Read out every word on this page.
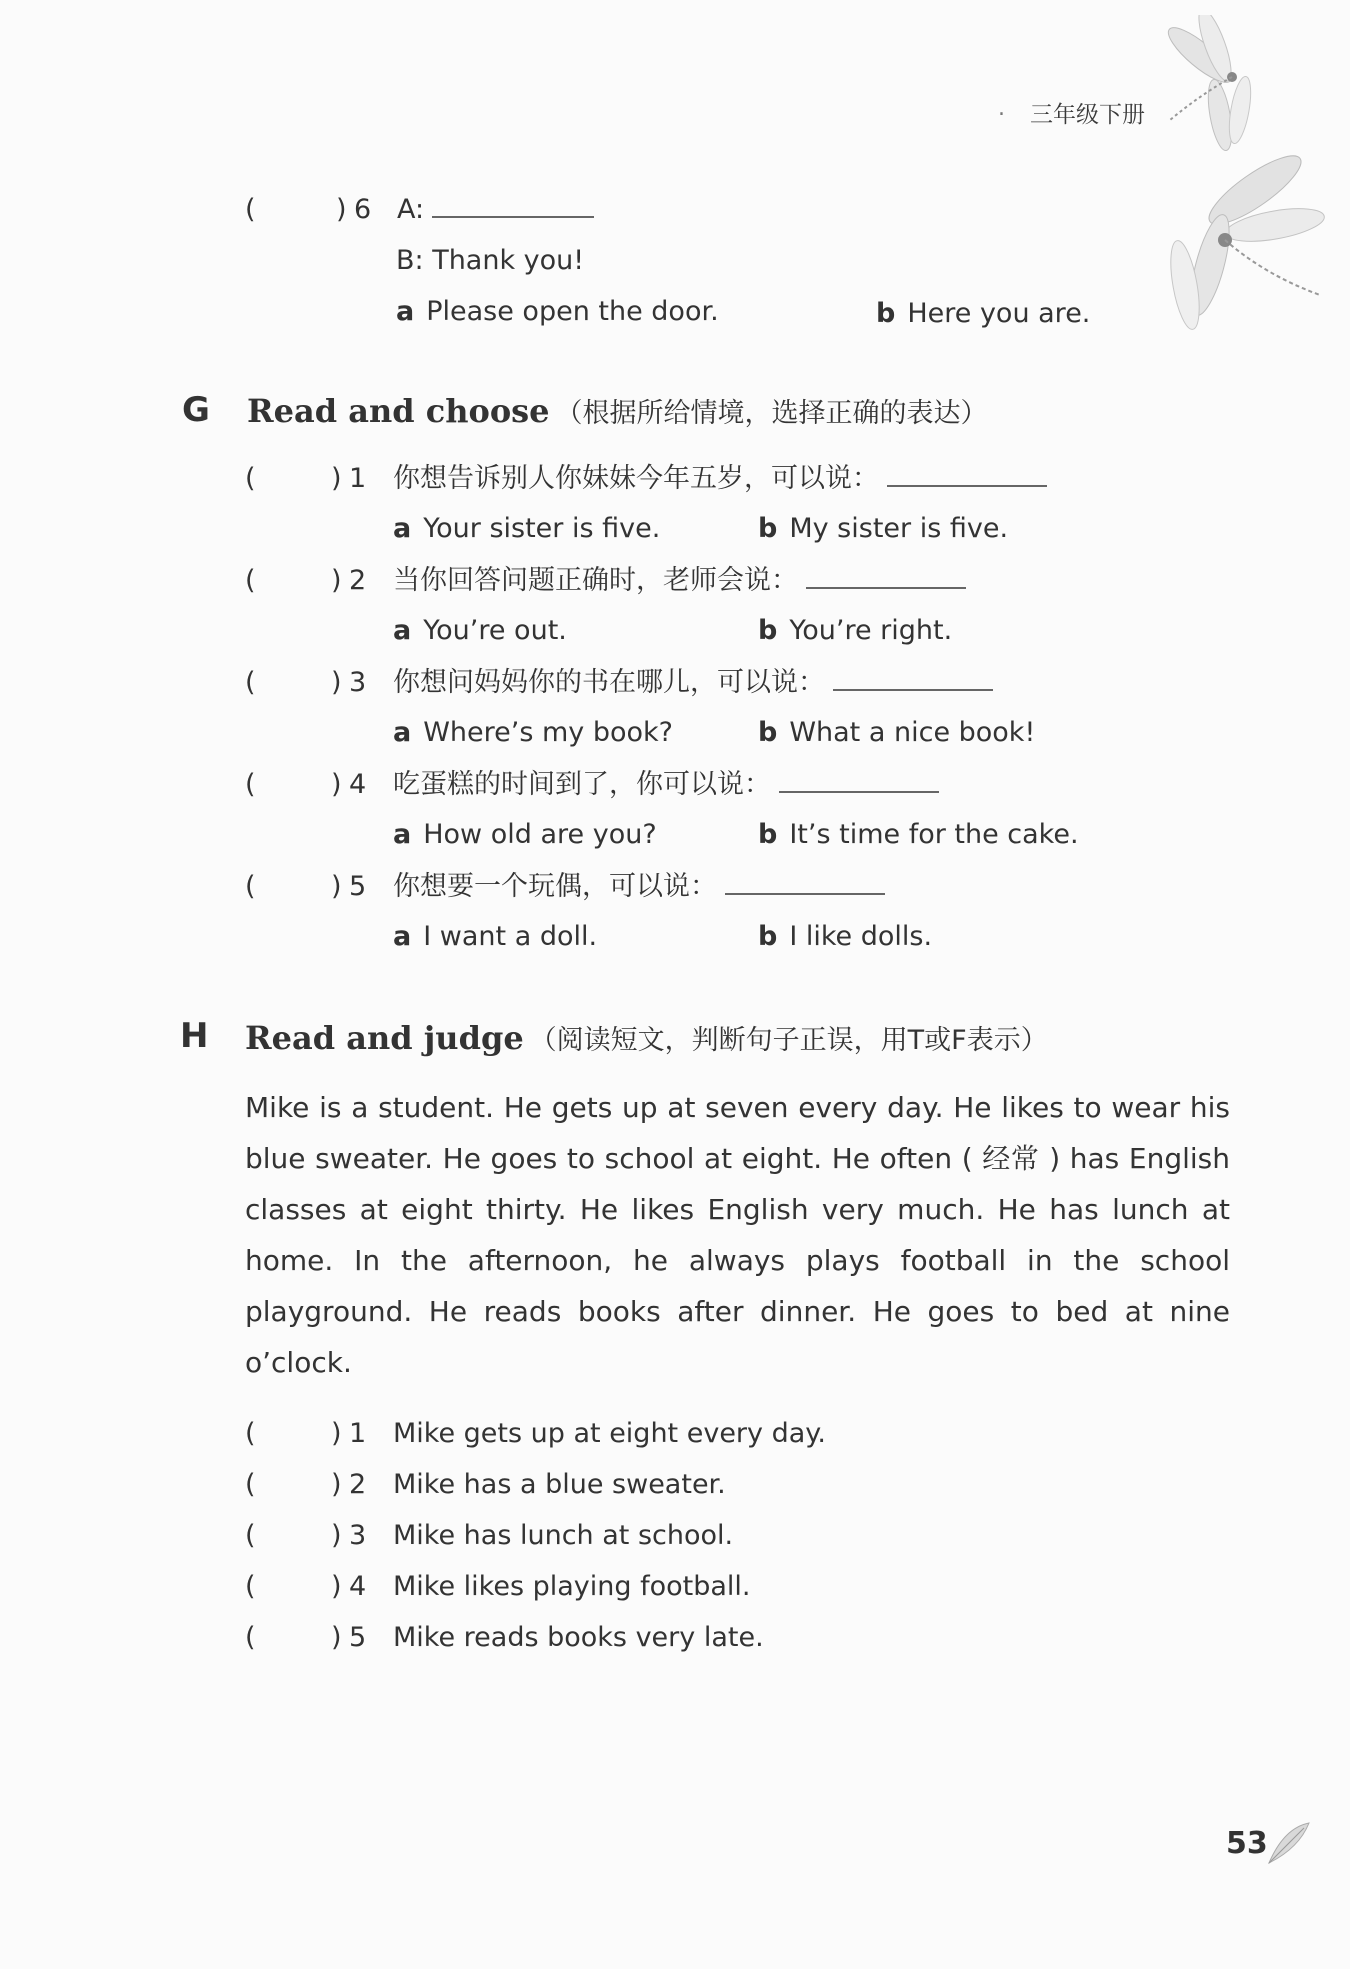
. 三年级下册
(	) 6 A:
B: Thank you!
a Please open the door.	b Here you are.
G Read and choose （根据所给情境，选择正确的表达）
(	) 1 你想告诉别人你妹妹今年五岁，可以说：
a Your sister is five.	b My sister is five.
(	) 2 当你回答问题正确时，老师会说：
a You’re out.	b You’re right.
(	) 3 你想问妈妈你的书在哪儿，可以说：
a Where’s my book?	b What a nice book!
(	) 4 吃蛋糕的时间到了，你可以说：
a How old are you?	b It’s time for the cake.
(	) 5 你想要一个玩偶，可以说：
a I want a doll.	b I like dolls.
H Read and judge （阅读短文，判断句子正误，用T或F表示）
Mike is a student. He gets up at seven every day. He likes to wear his blue sweater. He goes to school at eight. He often ( 经常 ) has English classes at eight thirty. He likes English very much. He has lunch at home. In the afternoon, he always plays football in the school playground. He reads books after dinner. He goes to bed at nine o’clock.
(	) 1 Mike gets up at eight every day.
(	) 2 Mike has a blue sweater.
(	) 3 Mike has lunch at school.
(	) 4 Mike likes playing football.
(	) 5 Mike reads books very late.
53
